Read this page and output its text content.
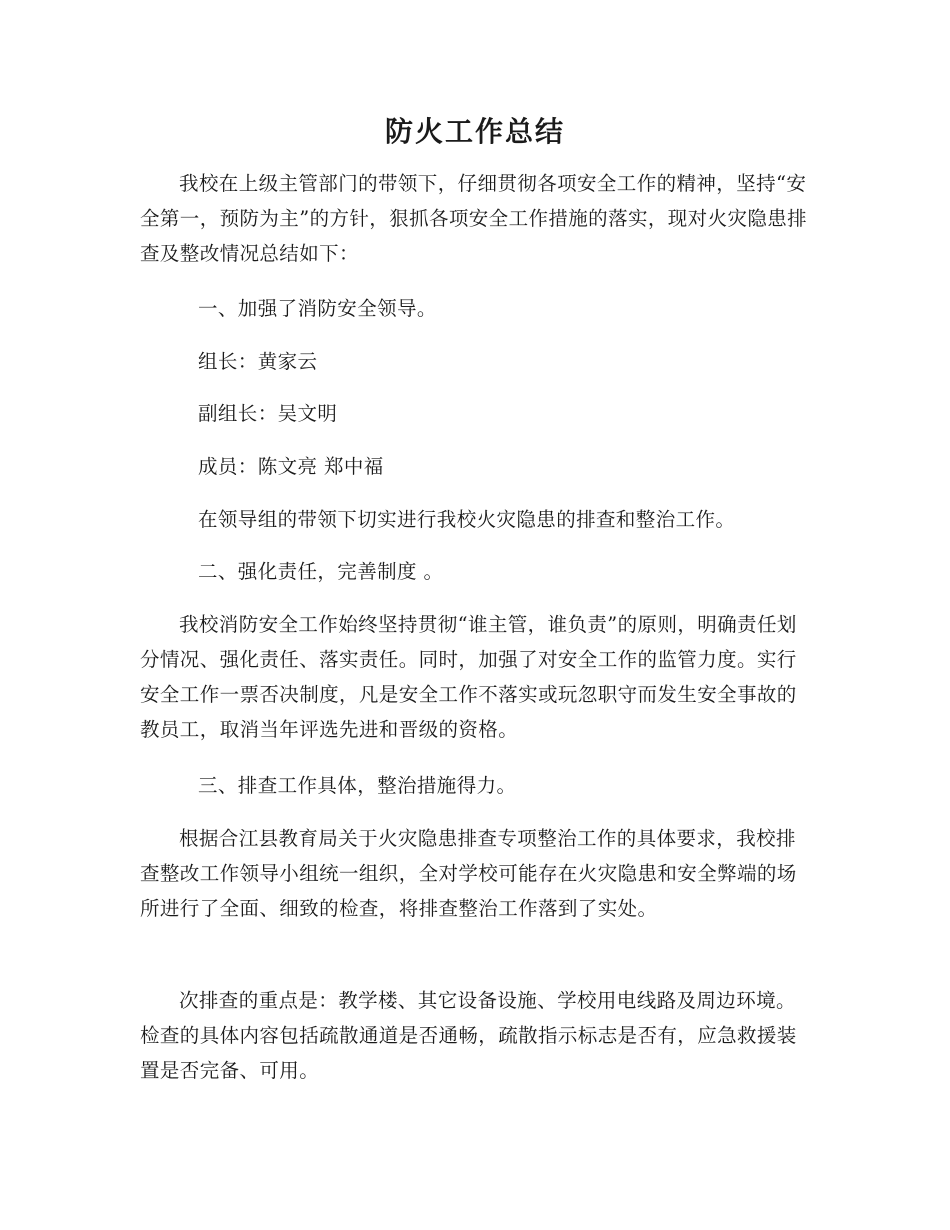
防火工作总结

我校在上级主管部门的带领下，仔细贯彻各项安全工作的精神，坚持“安全第一，预防为主”的方针，狠抓各项安全工作措施的落实，现对火灾隐患排查及整改情况总结如下：

一、加强了消防安全领导。

组长：黄家云

副组长：吴文明

成员：陈文亮 郑中福

在领导组的带领下切实进行我校火灾隐患的排查和整治工作。

二、强化责任，完善制度 。

我校消防安全工作始终坚持贯彻“谁主管，谁负责”的原则，明确责任划分情况、强化责任、落实责任。同时，加强了对安全工作的监管力度。实行安全工作一票否决制度，凡是安全工作不落实或玩忽职守而发生安全事故的教员工，取消当年评选先进和晋级的资格。

三、排查工作具体，整治措施得力。

根据合江县教育局关于火灾隐患排查专项整治工作的具体要求，我校排查整改工作领导小组统一组织，全对学校可能存在火灾隐患和安全弊端的场所进行了全面、细致的检查，将排查整治工作落到了实处。

次排查的重点是：教学楼、其它设备设施、学校用电线路及周边环境。检查的具体内容包括疏散通道是否通畅，疏散指示标志是否有，应急救援装置是否完备、可用。
